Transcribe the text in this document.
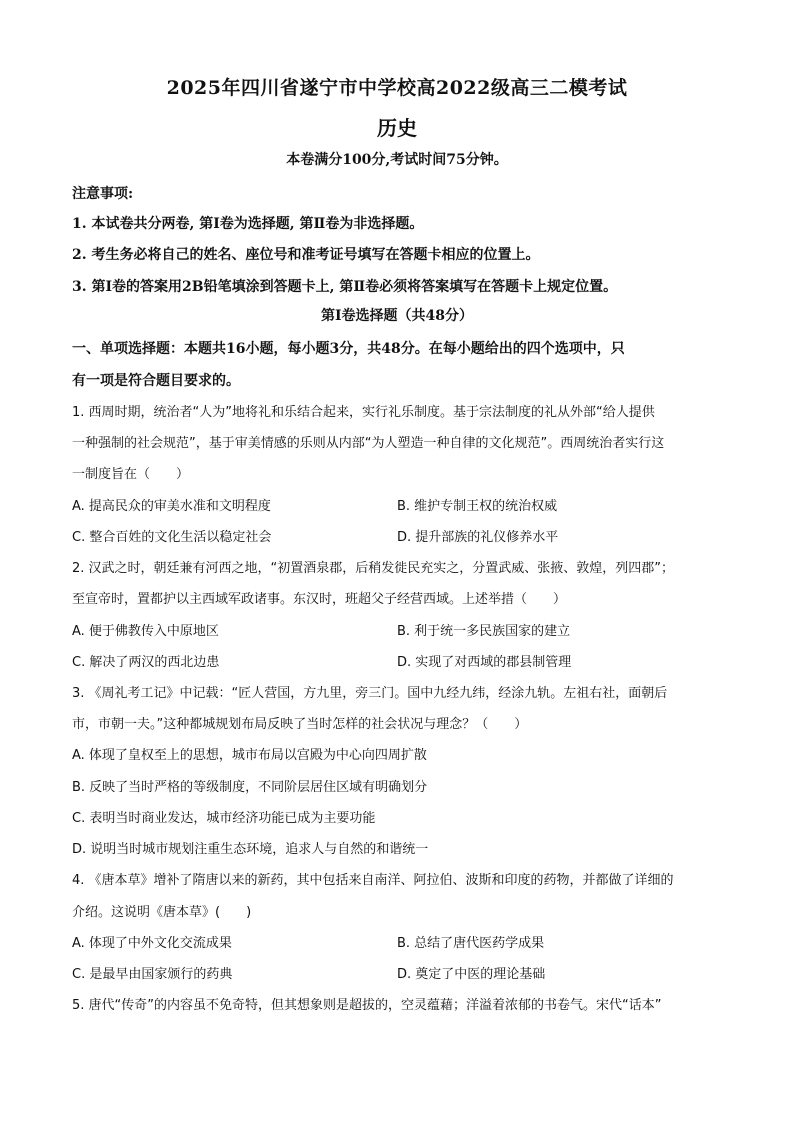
2025年四川省遂宁市中学校高2022级高三二模考试
历史
本卷满分100分,考试时间75分钟。
注意事项:
1. 本试卷共分两卷, 第Ⅰ卷为选择题, 第Ⅱ卷为非选择题。
2. 考生务必将自己的姓名、座位号和准考证号填写在答题卡相应的位置上。
3. 第Ⅰ卷的答案用2B铅笔填涂到答题卡上, 第Ⅱ卷必须将答案填写在答题卡上规定位置。
第Ⅰ卷选择题（共48分）
一、单项选择题：本题共16小题，每小题3分，共48分。在每小题给出的四个选项中，只
有一项是符合题目要求的。
1. 西周时期，统治者“人为”地将礼和乐结合起来，实行礼乐制度。基于宗法制度的礼从外部“给人提供
一种强制的社会规范”，基于审美情感的乐则从内部“为人塑造一种自律的文化规范”。西周统治者实行这
一制度旨在（　　）
A. 提高民众的审美水准和文明程度	B. 维护专制王权的统治权威
C. 整合百姓的文化生活以稳定社会	D. 提升部族的礼仪修养水平
2. 汉武之时，朝廷兼有河西之地，“初置酒泉郡，后稍发徙民充实之，分置武威、张掖、敦煌，列四郡”；
至宣帝时，置都护以主西域军政诸事。东汉时，班超父子经营西域。上述举措（　　）
A. 便于佛教传入中原地区	B. 利于统一多民族国家的建立
C. 解决了两汉的西北边患	D. 实现了对西域的郡县制管理
3. 《周礼考工记》中记载：“匠人营国，方九里，旁三门。国中九经九纬，经涂九轨。左祖右社，面朝后
市，市朝一夫。”这种都城规划布局反映了当时怎样的社会状况与理念？（　　）
A. 体现了皇权至上的思想，城市布局以宫殿为中心向四周扩散
B. 反映了当时严格的等级制度，不同阶层居住区域有明确划分
C. 表明当时商业发达，城市经济功能已成为主要功能
D. 说明当时城市规划注重生态环境，追求人与自然的和谐统一
4. 《唐本草》增补了隋唐以来的新药，其中包括来自南洋、阿拉伯、波斯和印度的药物，并都做了详细的
介绍。这说明《唐本草》(　　)
A. 体现了中外文化交流成果	B. 总结了唐代医药学成果
C. 是最早由国家颁行的药典	D. 奠定了中医的理论基础
5. 唐代“传奇”的内容虽不免奇特，但其想象则是超拔的，空灵蕴藉；洋溢着浓郁的书卷气。宋代“话本”
